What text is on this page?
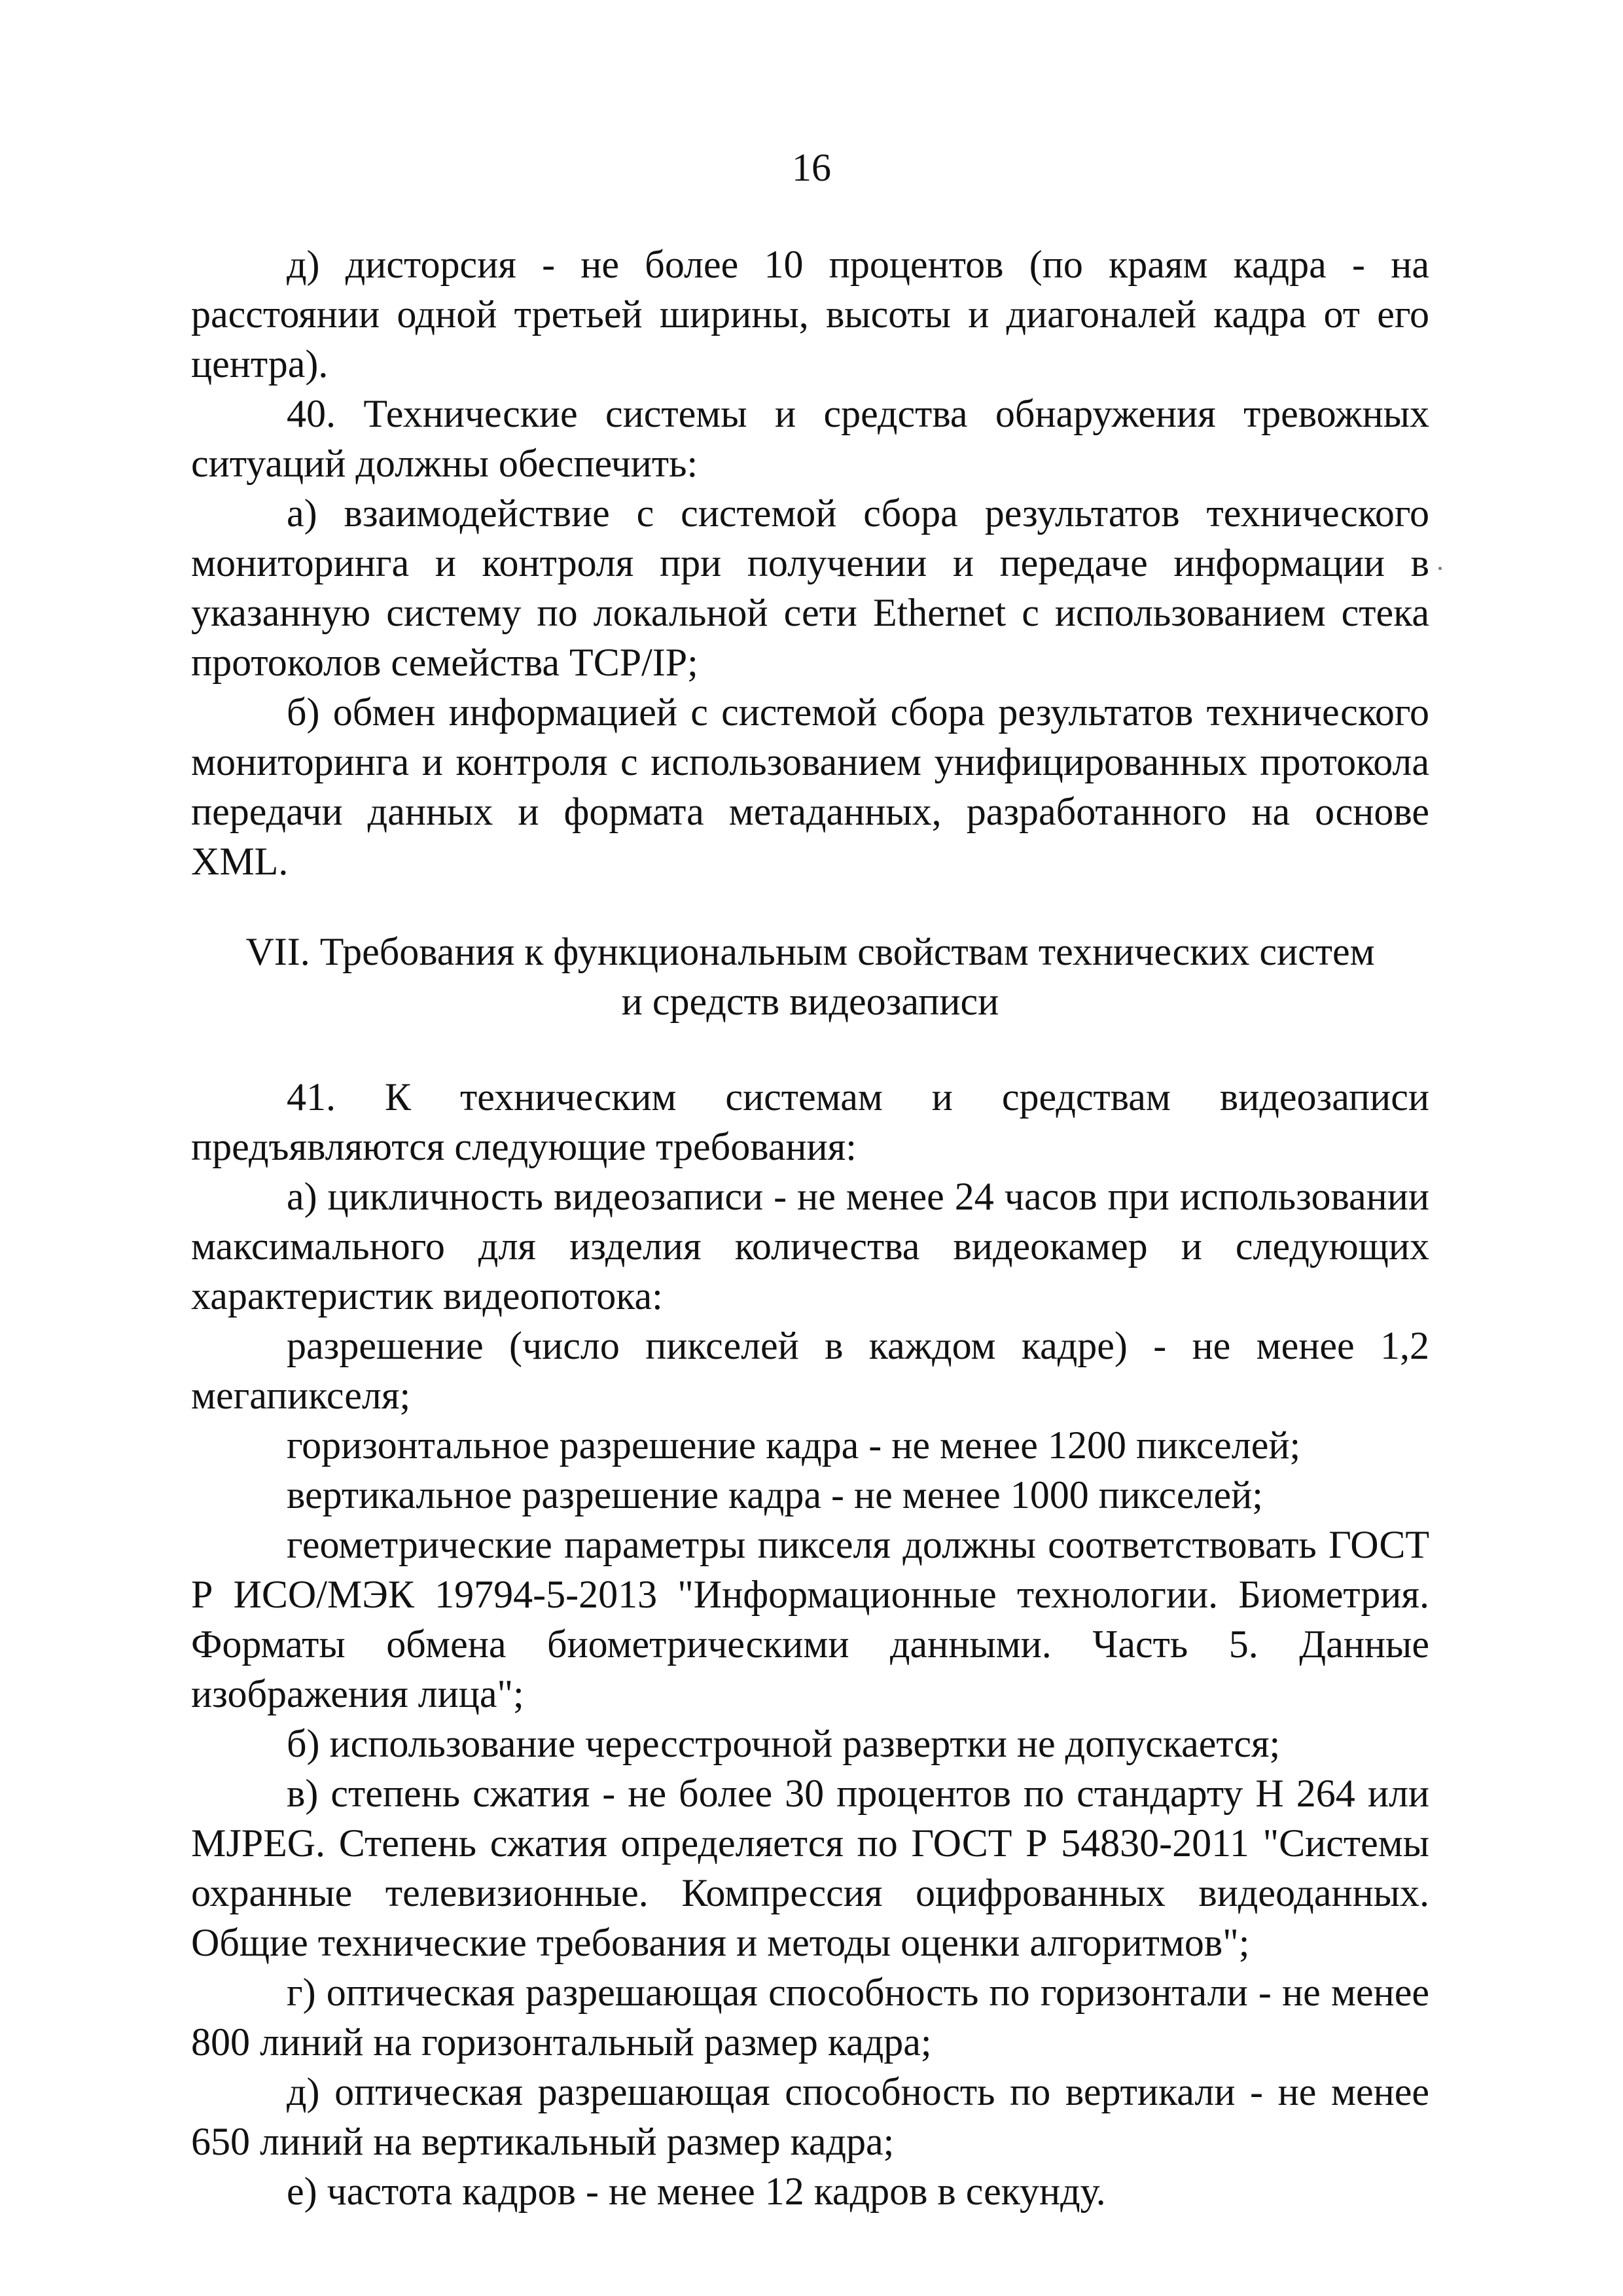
16

д) дисторсия - не более 10 процентов (по краям кадра - на расстоянии одной третьей ширины, высоты и диагоналей кадра от его центра).

40. Технические системы и средства обнаружения тревожных ситуаций должны обеспечить:

а) взаимодействие с системой сбора результатов технического мониторинга и контроля при получении и передаче информации в указанную систему по локальной сети Ethernet с использованием стека протоколов семейства TCP/IP;

б) обмен информацией с системой сбора результатов технического мониторинга и контроля с использованием унифицированных протокола передачи данных и формата метаданных, разработанного на основе XML.

VII. Требования к функциональным свойствам технических систем
и средств видеозаписи

41. К техническим системам и средствам видеозаписи предъявляются следующие требования:

а) цикличность видеозаписи - не менее 24 часов при использовании максимального для изделия количества видеокамер и следующих характеристик видеопотока:

разрешение (число пикселей в каждом кадре) - не менее 1,2 мегапикселя;

горизонтальное разрешение кадра - не менее 1200 пикселей;

вертикальное разрешение кадра - не менее 1000 пикселей;

геометрические параметры пикселя должны соответствовать ГОСТ Р ИСО/МЭК 19794-5-2013 "Информационные технологии. Биометрия. Форматы обмена биометрическими данными. Часть 5. Данные изображения лица";

б) использование чересстрочной развертки не допускается;

в) степень сжатия - не более 30 процентов по стандарту H 264 или MJPEG. Степень сжатия определяется по ГОСТ Р 54830-2011 "Системы охранные телевизионные. Компрессия оцифрованных видеоданных. Общие технические требования и методы оценки алгоритмов";

г) оптическая разрешающая способность по горизонтали - не менее 800 линий на горизонтальный размер кадра;

д) оптическая разрешающая способность по вертикали - не менее 650 линий на вертикальный размер кадра;

е) частота кадров - не менее 12 кадров в секунду.
